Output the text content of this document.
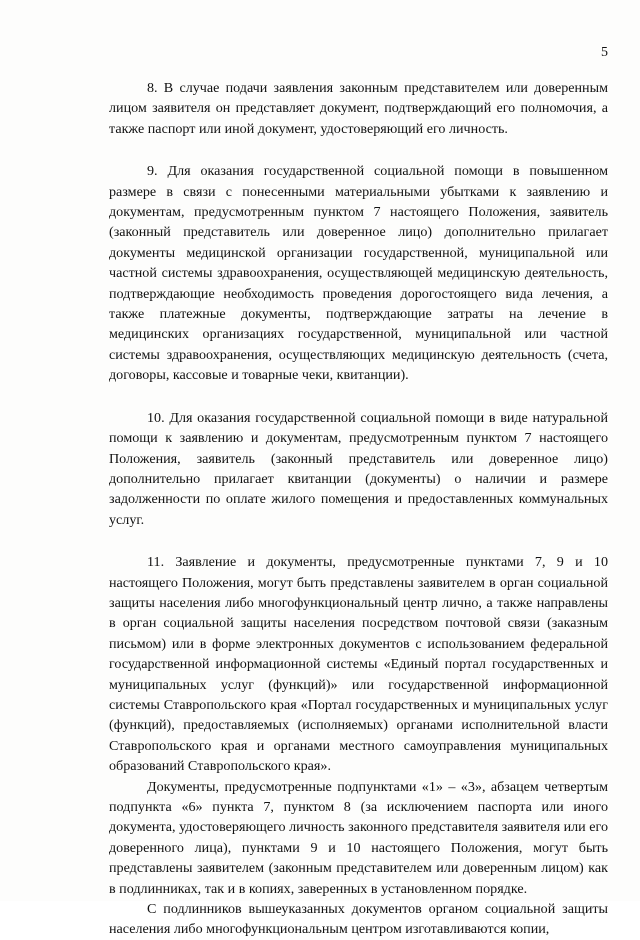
5

8. В случае подачи заявления законным представителем или доверенным лицом заявителя он представляет документ, подтверждающий его полномочия, а также паспорт или иной документ, удостоверяющий его личность.

9. Для оказания государственной социальной помощи в повышенном размере в связи с понесенными материальными убытками к заявлению и документам, предусмотренным пунктом 7 настоящего Положения, заявитель (законный представитель или доверенное лицо) дополнительно прилагает документы медицинской организации государственной, муниципальной или частной системы здравоохранения, осуществляющей медицинскую деятельность, подтверждающие необходимость проведения дорогостоящего вида лечения, а также платежные документы, подтверждающие затраты на лечение в медицинских организациях государственной, муниципальной или частной системы здравоохранения, осуществляющих медицинскую деятельность (счета, договоры, кассовые и товарные чеки, квитанции).

10. Для оказания государственной социальной помощи в виде натуральной помощи к заявлению и документам, предусмотренным пунктом 7 настоящего Положения, заявитель (законный представитель или доверенное лицо) дополнительно прилагает квитанции (документы) о наличии и размере задолженности по оплате жилого помещения и предоставленных коммунальных услуг.

11. Заявление и документы, предусмотренные пунктами 7, 9 и 10 настоящего Положения, могут быть представлены заявителем в орган социальной защиты населения либо многофункциональный центр лично, а также направлены в орган социальной защиты населения посредством почтовой связи (заказным письмом) или в форме электронных документов с использованием федеральной государственной информационной системы «Единый портал государственных и муниципальных услуг (функций)» или государственной информационной системы Ставропольского края «Портал государственных и муниципальных услуг (функций), предоставляемых (исполняемых) органами исполнительной власти Ставропольского края и органами местного самоуправления муниципальных образований Ставропольского края».

Документы, предусмотренные подпунктами «1» – «3», абзацем четвертым подпункта «6» пункта 7, пунктом 8 (за исключением паспорта или иного документа, удостоверяющего личность законного представителя заявителя или его доверенного лица), пунктами 9 и 10 настоящего Положения, могут быть представлены заявителем (законным представителем или доверенным лицом) как в подлинниках, так и в копиях, заверенных в установленном порядке.

С подлинников вышеуказанных документов органом социальной защиты населения либо многофункциональным центром изготавливаются копии,
